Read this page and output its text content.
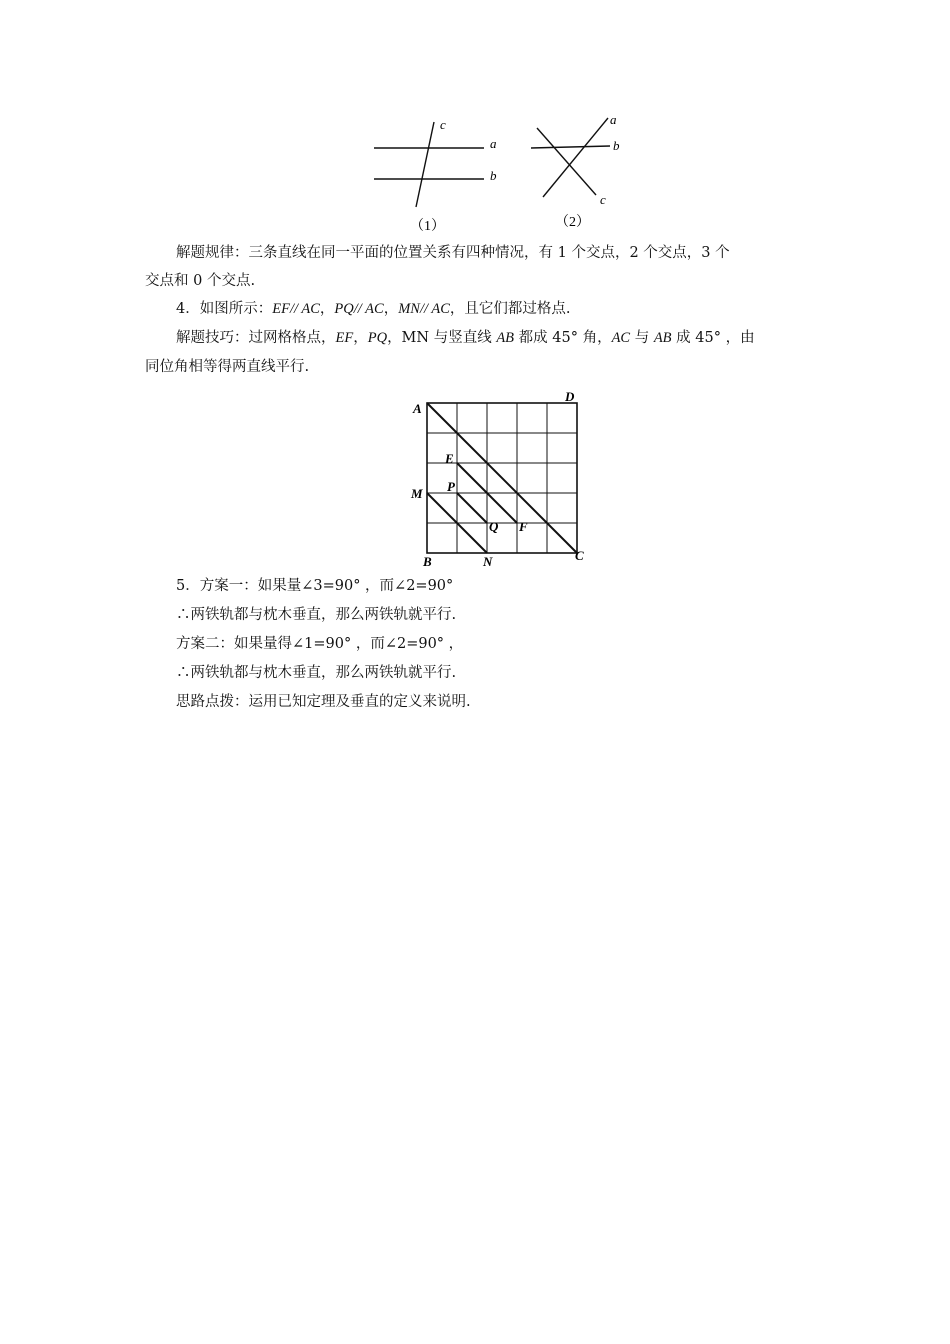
c
a
b
（1）
a
b
c
（2）
解题规律：三条直线在同一平面的位置关系有四种情况，有 1 个交点，2 个交点，3 个
交点和 0 个交点.
4．如图所示：EF// AC，PQ// AC，MN// AC，且它们都过格点.
解题技巧：过网格格点，EF，PQ，MN 与竖直线 AB 都成 45° 角，AC 与 AB 成 45° ，由
同位角相等得两直线平行.
A
D
E
P
M
Q F
B	N	C
5．方案一：如果量∠3=90° ，而∠2=90°
∴两铁轨都与枕木垂直，那么两铁轨就平行.
方案二：如果量得∠1=90° ，而∠2=90° ，
∴两铁轨都与枕木垂直，那么两铁轨就平行.
思路点拨：运用已知定理及垂直的定义来说明.
